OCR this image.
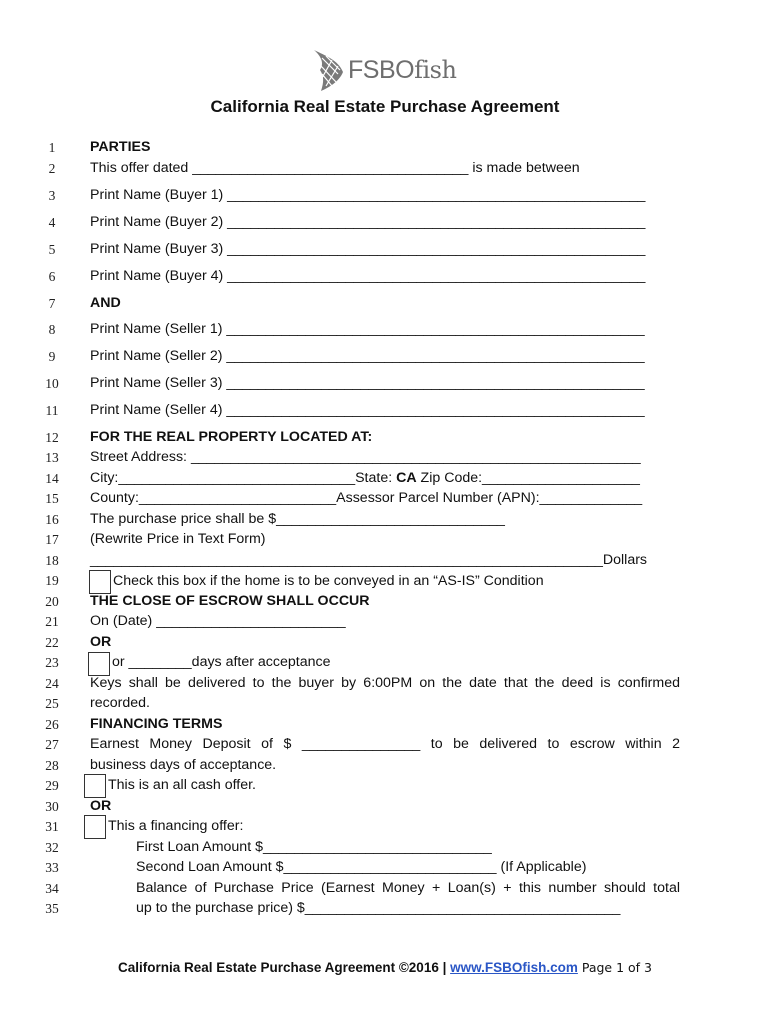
FSBOfish
California Real Estate Purchase Agreement
1
2
3
4
5
6
7
8
9
10
11
12
13
14
15
16
17
18
19
20
21
22
23
24
25
26
27
28
29
30
31
32
33
34
35
PARTIES
This offer dated ___________________________________ is made between
Print Name (Buyer 1) _____________________________________________________
Print Name (Buyer 2) _____________________________________________________
Print Name (Buyer 3) _____________________________________________________
Print Name (Buyer 4) _____________________________________________________
AND
Print Name (Seller 1) _____________________________________________________
Print Name (Seller 2) _____________________________________________________
Print Name (Seller 3) _____________________________________________________
Print Name (Seller 4) _____________________________________________________
FOR THE REAL PROPERTY LOCATED AT:
Street Address: _________________________________________________________
City:______________________________State: CA Zip Code:____________________
County:_________________________Assessor Parcel Number (APN):_____________
The purchase price shall be $_____________________________
(Rewrite Price in Text Form)
_________________________________________________________________Dollars
Check this box if the home is to be conveyed in an “AS-IS” Condition
THE CLOSE OF ESCROW SHALL OCCUR
On (Date) ________________________
OR
or ________days after acceptance
Keys shall be delivered to the buyer by 6:00PM on the date that the deed is confirmed
recorded.
FINANCING TERMS
Earnest Money Deposit of $ _______________ to be delivered to escrow within 2
business days of acceptance.
This is an all cash offer.
OR
This a financing offer:
First Loan Amount $_____________________________
Second Loan Amount $___________________________ (If Applicable)
Balance of Purchase Price (Earnest Money + Loan(s) + this number should total
up to the purchase price) $________________________________________
California Real Estate Purchase Agreement ©2016 | www.FSBOfish.com Page 1 of 3
